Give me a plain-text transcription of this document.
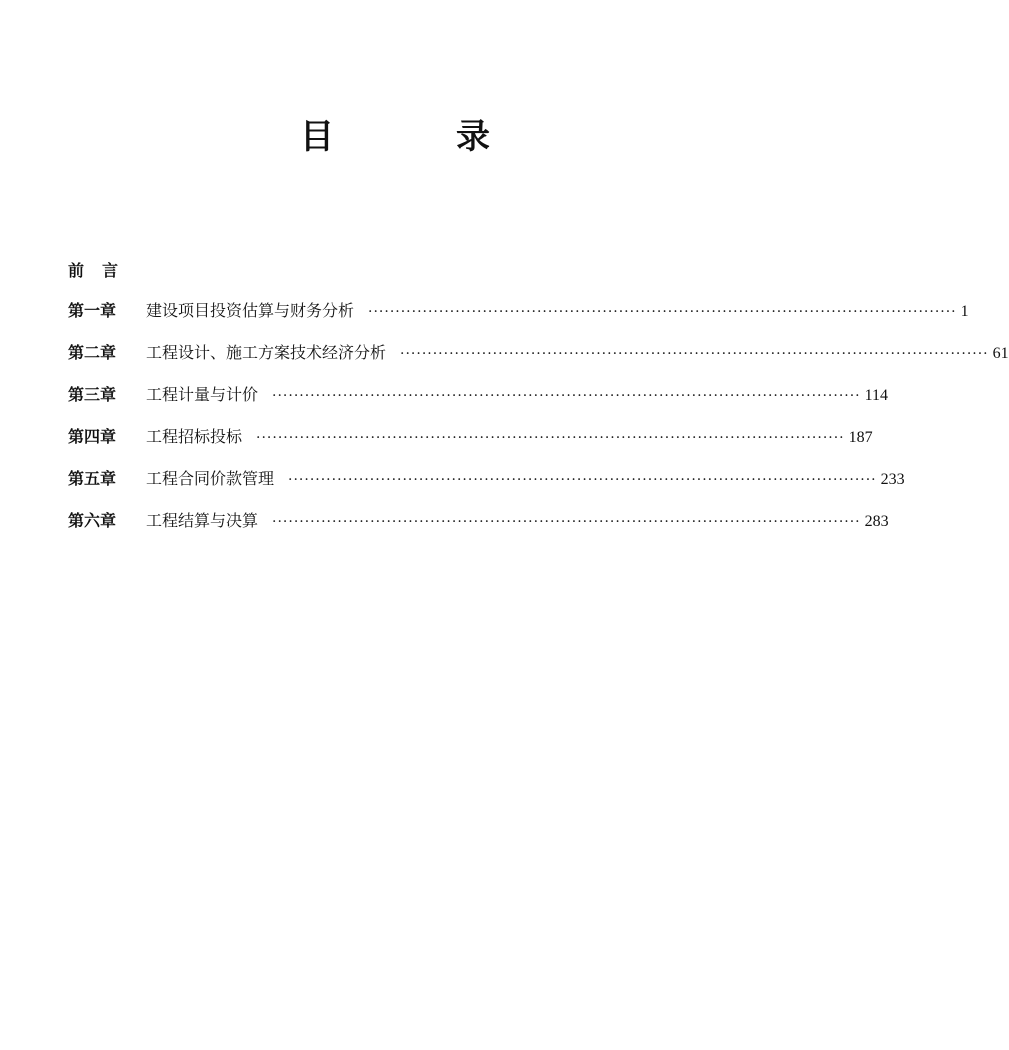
目　录
前言
第一章	建设项目投资估算与财务分析	············································································································ 1
第二章	工程设计、施工方案技术经济分析	············································································································ 61
第三章	工程计量与计价	············································································································ 114
第四章	工程招标投标	············································································································ 187
第五章	工程合同价款管理	············································································································ 233
第六章	工程结算与决算	············································································································ 283
